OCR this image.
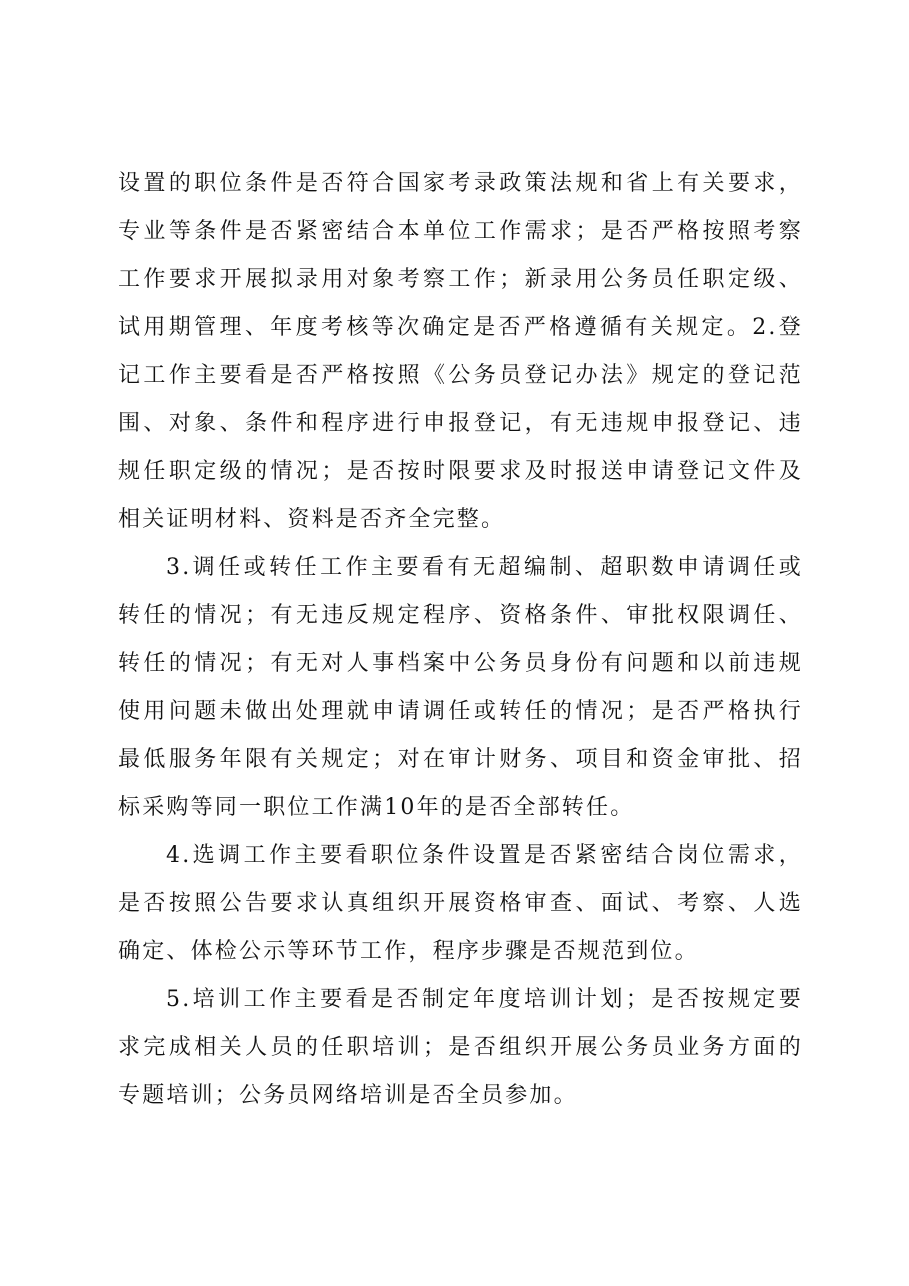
设置的职位条件是否符合国家考录政策法规和省上有关要求，
专业等条件是否紧密结合本单位工作需求；是否严格按照考察
工作要求开展拟录用对象考察工作；新录用公务员任职定级、
试用期管理、年度考核等次确定是否严格遵循有关规定。2.登
记工作主要看是否严格按照《公务员登记办法》规定的登记范
围、对象、条件和程序进行申报登记，有无违规申报登记、违
规任职定级的情况；是否按时限要求及时报送申请登记文件及
相关证明材料、资料是否齐全完整。
3.调任或转任工作主要看有无超编制、超职数申请调任或
转任的情况；有无违反规定程序、资格条件、审批权限调任、
转任的情况；有无对人事档案中公务员身份有问题和以前违规
使用问题未做出处理就申请调任或转任的情况；是否严格执行
最低服务年限有关规定；对在审计财务、项目和资金审批、招
标采购等同一职位工作满10年的是否全部转任。
4.选调工作主要看职位条件设置是否紧密结合岗位需求，
是否按照公告要求认真组织开展资格审查、面试、考察、人选
确定、体检公示等环节工作，程序步骤是否规范到位。
5.培训工作主要看是否制定年度培训计划；是否按规定要
求完成相关人员的任职培训；是否组织开展公务员业务方面的
专题培训；公务员网络培训是否全员参加。
